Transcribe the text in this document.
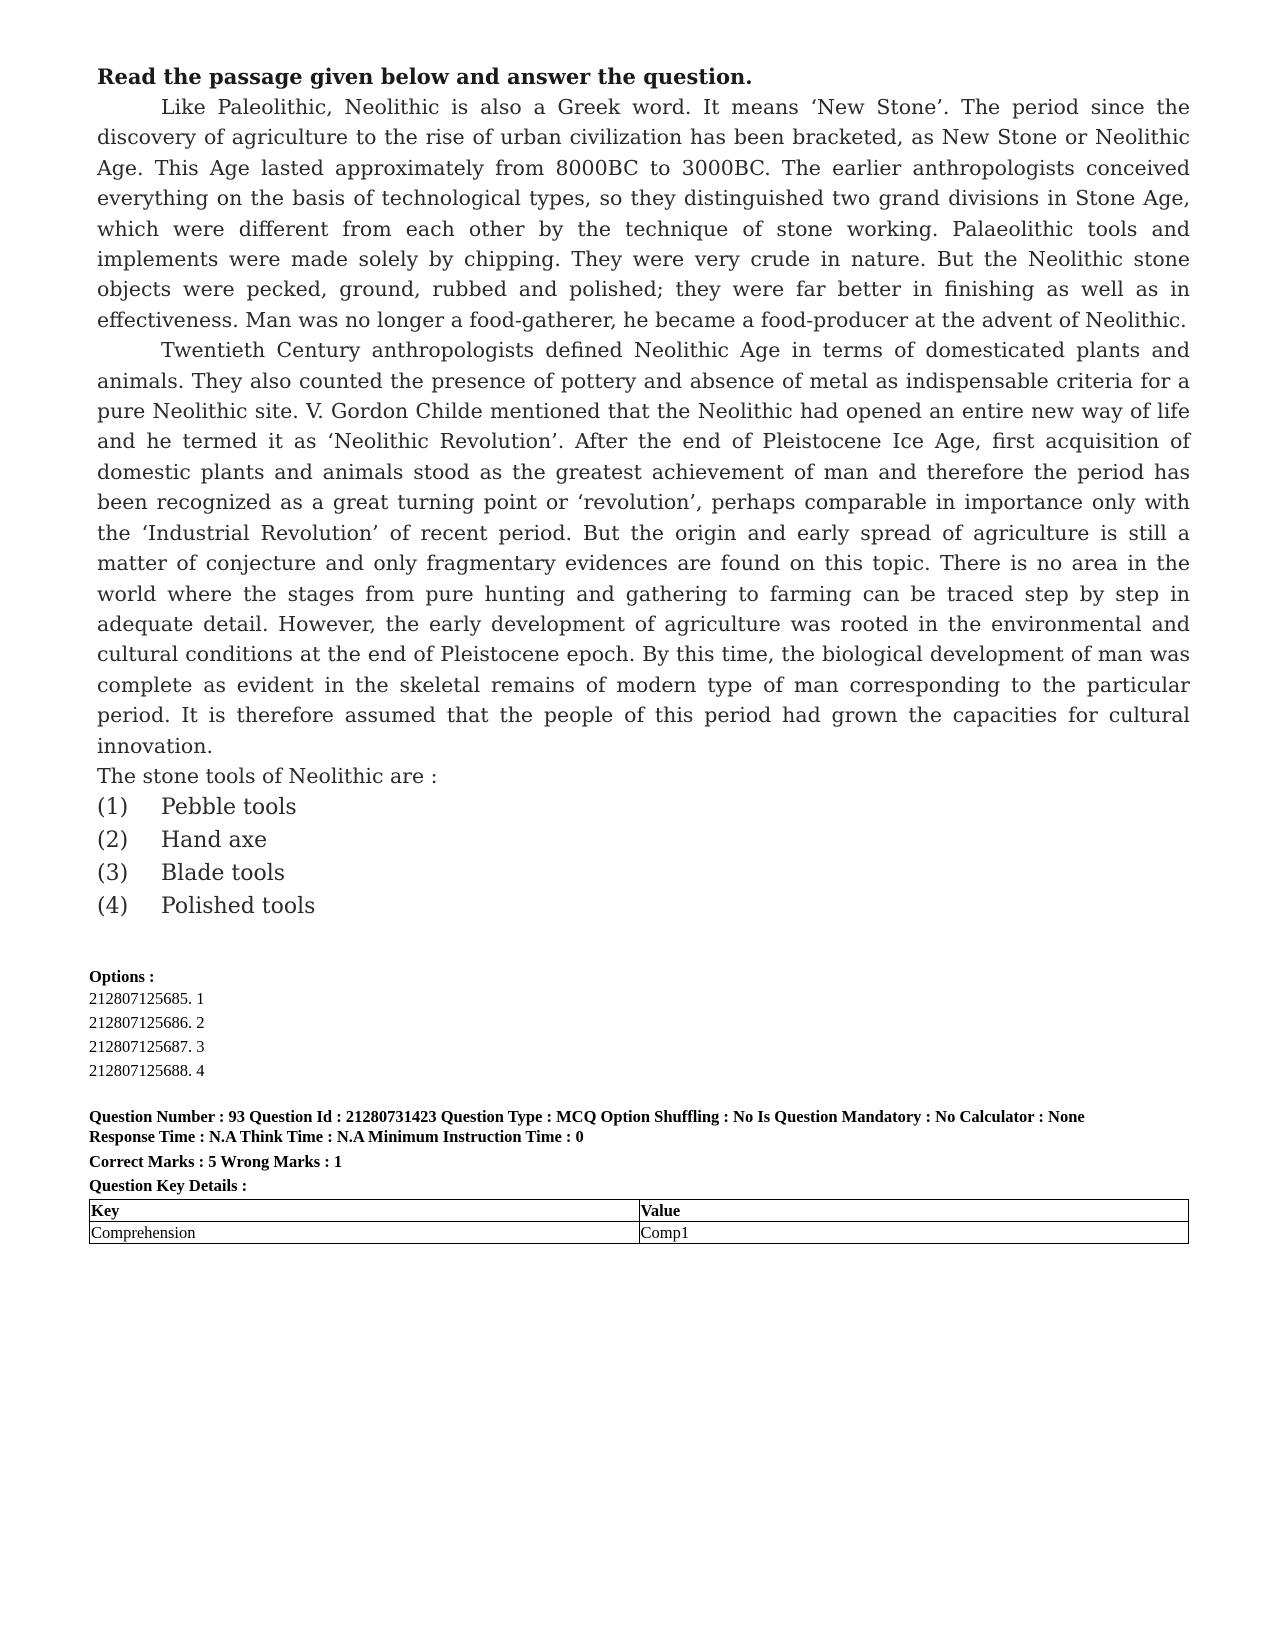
Read the passage given below and answer the question.

Like Paleolithic, Neolithic is also a Greek word. It means ‘New Stone’. The period since the discovery of agriculture to the rise of urban civilization has been bracketed, as New Stone or Neolithic Age. This Age lasted approximately from 8000BC to 3000BC. The earlier anthropologists conceived everything on the basis of technological types, so they distinguished two grand divisions in Stone Age, which were different from each other by the technique of stone working. Palaeolithic tools and implements were made solely by chipping. They were very crude in nature. But the Neolithic stone objects were pecked, ground, rubbed and polished; they were far better in finishing as well as in effectiveness. Man was no longer a food-gatherer, he became a food-producer at the advent of Neolithic.

Twentieth Century anthropologists defined Neolithic Age in terms of domesticated plants and animals. They also counted the presence of pottery and absence of metal as indispensable criteria for a pure Neolithic site. V. Gordon Childe mentioned that the Neolithic had opened an entire new way of life and he termed it as ‘Neolithic Revolution’. After the end of Pleistocene Ice Age, first acquisition of domestic plants and animals stood as the greatest achievement of man and therefore the period has been recognized as a great turning point or ‘revolution’, perhaps comparable in importance only with the ‘Industrial Revolution’ of recent period. But the origin and early spread of agriculture is still a matter of conjecture and only fragmentary evidences are found on this topic. There is no area in the world where the stages from pure hunting and gathering to farming can be traced step by step in adequate detail. However, the early development of agriculture was rooted in the environmental and cultural conditions at the end of Pleistocene epoch. By this time, the biological development of man was complete as evident in the skeletal remains of modern type of man corresponding to the particular period. It is therefore assumed that the people of this period had grown the capacities for cultural innovation.

The stone tools of Neolithic are :

(1) Pebble tools
(2) Hand axe
(3) Blade tools
(4) Polished tools
Options :
212807125685. 1
212807125686. 2
212807125687. 3
212807125688. 4
Question Number : 93 Question Id : 21280731423 Question Type : MCQ Option Shuffling : No Is Question Mandatory : No Calculator : None
Response Time : N.A Think Time : N.A Minimum Instruction Time : 0
Correct Marks : 5 Wrong Marks : 1
Question Key Details :
Key	Value
Comprehension	Comp1
